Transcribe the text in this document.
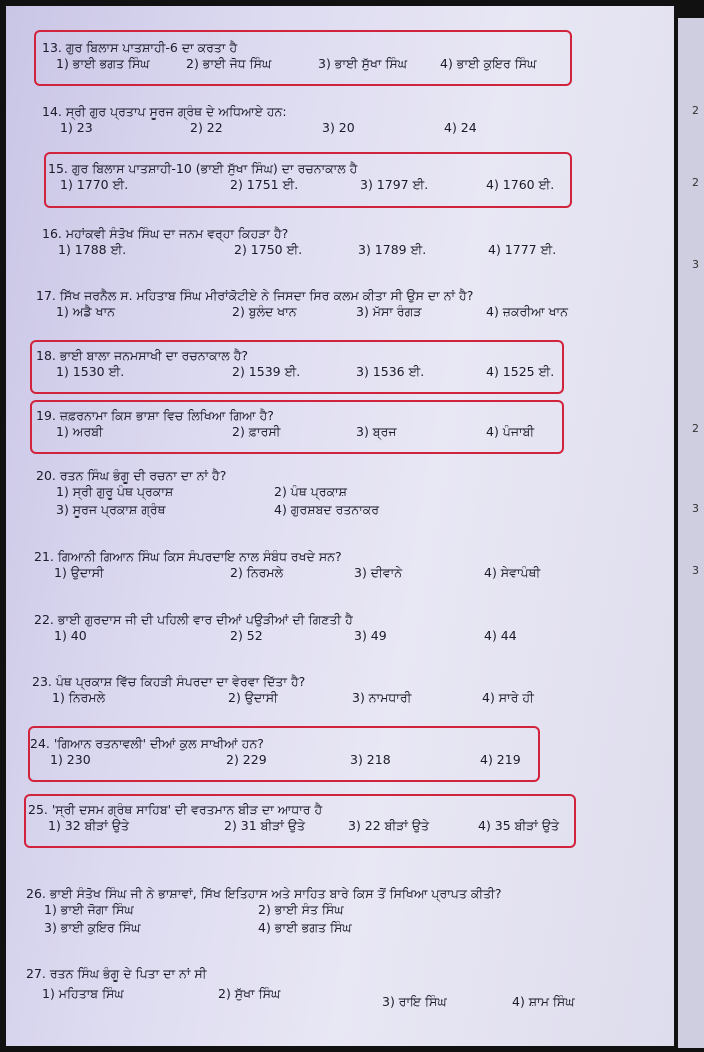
13. ਗੁਰ ਬਿਲਾਸ ਪਾਤਸ਼ਾਹੀ-6 ਦਾ ਕਰਤਾ ਹੈ
1) ਭਾਈ ਭਗਤ ਸਿੰਘ	2) ਭਾਈ ਜੋਧ ਸਿੰਘ	3) ਭਾਈ ਸੁੱਖਾ ਸਿੰਘ	4) ਭਾਈ ਕੁਇਰ ਸਿੰਘ
14. ਸ੍ਰੀ ਗੁਰ ਪ੍ਰਤਾਪ ਸੂਰਜ ਗ੍ਰੰਥ ਦੇ ਅਧਿਆਏ ਹਨ:
1) 23	2) 22	3) 20	4) 24
15. ਗੁਰ ਬਿਲਾਸ ਪਾਤਸ਼ਾਹੀ-10 (ਭਾਈ ਸੁੱਖਾ ਸਿੰਘ) ਦਾ ਰਚਨਾਕਾਲ ਹੈ
1) 1770 ਈ.	2) 1751 ਈ.	3) 1797 ਈ.	4) 1760 ਈ.
16. ਮਹਾਂਕਵੀ ਸੰਤੋਖ ਸਿੰਘ ਦਾ ਜਨਮ ਵਰ੍ਹਾ ਕਿਹੜਾ ਹੈ?
1) 1788 ਈ.	2) 1750 ਈ.	3) 1789 ਈ.	4) 1777 ਈ.
17. ਸਿੱਖ ਜਰਨੈਲ ਸ. ਮਹਿਤਾਬ ਸਿੰਘ ਮੀਰਾਂਕੋਟੀਏ ਨੇ ਜਿਸਦਾ ਸਿਰ ਕਲਮ ਕੀਤਾ ਸੀ ਉਸ ਦਾ ਨਾਂ ਹੈ?
1) ਅਡੈ ਖਾਨ	2) ਬੁਲੰਦ ਖਾਨ	3) ਮੱਸਾ ਰੰਗੜ	4) ਜ਼ਕਰੀਆ ਖਾਨ
18. ਭਾਈ ਬਾਲਾ ਜਨਮਸਾਖੀ ਦਾ ਰਚਨਾਕਾਲ ਹੈ?
1) 1530 ਈ.	2) 1539 ਈ.	3) 1536 ਈ.	4) 1525 ਈ.
19. ਜ਼ਫ਼ਰਨਾਮਾ ਕਿਸ ਭਾਸ਼ਾ ਵਿਚ ਲਿਖਿਆ ਗਿਆ ਹੈ?
1) ਅਰਬੀ	2) ਫ਼ਾਰਸੀ	3) ਬ੍ਰਜ	4) ਪੰਜਾਬੀ
20. ਰਤਨ ਸਿੰਘ ਭੰਗੂ ਦੀ ਰਚਨਾ ਦਾ ਨਾਂ ਹੈ?
1) ਸ੍ਰੀ ਗੁਰੂ ਪੰਥ ਪ੍ਰਕਾਸ਼	2) ਪੰਥ ਪ੍ਰਕਾਸ਼
3) ਸੂਰਜ ਪ੍ਰਕਾਸ਼ ਗ੍ਰੰਥ	4) ਗੁਰਸ਼ਬਦ ਰਤਨਾਕਰ
21. ਗਿਆਨੀ ਗਿਆਨ ਸਿੰਘ ਕਿਸ ਸੰਪਰਦਾਇ ਨਾਲ ਸੰਬੰਧ ਰਖਦੇ ਸਨ?
1) ਉਦਾਸੀ	2) ਨਿਰਮਲੇ	3) ਦੀਵਾਨੇ	4) ਸੇਵਾਪੰਥੀ
22. ਭਾਈ ਗੁਰਦਾਸ ਜੀ ਦੀ ਪਹਿਲੀ ਵਾਰ ਦੀਆਂ ਪਉੜੀਆਂ ਦੀ ਗਿਣਤੀ ਹੈ
1) 40	2) 52	3) 49	4) 44
23. ਪੰਥ ਪ੍ਰਕਾਸ਼ ਵਿੱਚ ਕਿਹੜੀ ਸੰਪਰਦਾ ਦਾ ਵੇਰਵਾ ਦਿੱਤਾ ਹੈ?
1) ਨਿਰਮਲੇ	2) ਉਦਾਸੀ	3) ਨਾਮਧਾਰੀ	4) ਸਾਰੇ ਹੀ
24. 'ਗਿਆਨ ਰਤਨਾਵਲੀ' ਦੀਆਂ ਕੁਲ ਸਾਖੀਆਂ ਹਨ?
1) 230	2) 229	3) 218	4) 219
25. 'ਸ੍ਰੀ ਦਸਮ ਗ੍ਰੰਥ ਸਾਹਿਬ' ਦੀ ਵਰਤਮਾਨ ਬੀੜ ਦਾ ਆਧਾਰ ਹੈ
1) 32 ਬੀੜਾਂ ਉਤੇ	2) 31 ਬੀੜਾਂ ਉਤੇ	3) 22 ਬੀੜਾਂ ਉਤੇ	4) 35 ਬੀੜਾਂ ਉਤੇ
26. ਭਾਈ ਸੰਤੋਖ ਸਿੰਘ ਜੀ ਨੇ ਭਾਸ਼ਾਵਾਂ, ਸਿੱਖ ਇਤਿਹਾਸ ਅਤੇ ਸਾਹਿਤ ਬਾਰੇ ਕਿਸ ਤੋਂ ਸਿਖਿਆ ਪ੍ਰਾਪਤ ਕੀਤੀ?
1) ਭਾਈ ਜੋਗਾ ਸਿੰਘ	2) ਭਾਈ ਸੰਤ ਸਿੰਘ
3) ਭਾਈ ਕੁਇਰ ਸਿੰਘ	4) ਭਾਈ ਭਗਤ ਸਿੰਘ
27. ਰਤਨ ਸਿੰਘ ਭੰਗੂ ਦੇ ਪਿਤਾ ਦਾ ਨਾਂ ਸੀ
1) ਮਹਿਤਾਬ ਸਿੰਘ	2) ਸੁੱਖਾ ਸਿੰਘ
3) ਰਾਇ ਸਿੰਘ	4) ਸ਼ਾਮ ਸਿੰਘ
2
2
2
3
3
3
